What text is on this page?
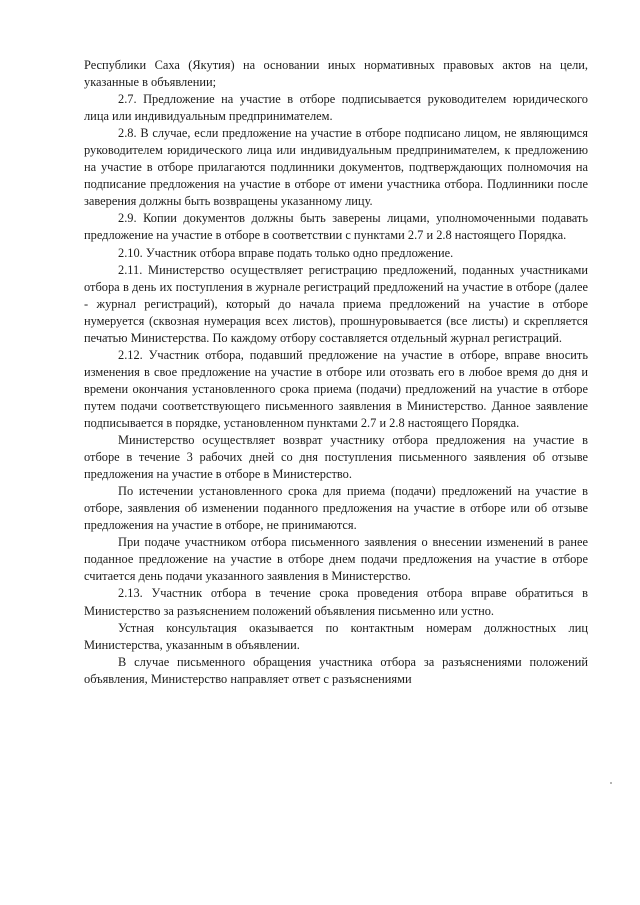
Республики Саха (Якутия) на основании иных нормативных правовых актов на цели, указанные в объявлении;

2.7. Предложение на участие в отборе подписывается руководителем юридического лица или индивидуальным предпринимателем.

2.8. В случае, если предложение на участие в отборе подписано лицом, не являющимся руководителем юридического лица или индивидуальным предпринимателем, к предложению на участие в отборе прилагаются подлинники документов, подтверждающих полномочия на подписание предложения на участие в отборе от имени участника отбора. Подлинники после заверения должны быть возвращены указанному лицу.

2.9. Копии документов должны быть заверены лицами, уполномоченными подавать предложение на участие в отборе в соответствии с пунктами 2.7 и 2.8 настоящего Порядка.

2.10. Участник отбора вправе подать только одно предложение.

2.11. Министерство осуществляет регистрацию предложений, поданных участниками отбора в день их поступления в журнале регистраций предложений на участие в отборе (далее - журнал регистраций), который до начала приема предложений на участие в отборе нумеруется (сквозная нумерация всех листов), прошнуровывается (все листы) и скрепляется печатью Министерства. По каждому отбору составляется отдельный журнал регистраций.

2.12. Участник отбора, подавший предложение на участие в отборе, вправе вносить изменения в свое предложение на участие в отборе или отозвать его в любое время до дня и времени окончания установленного срока приема (подачи) предложений на участие в отборе путем подачи соответствующего письменного заявления в Министерство. Данное заявление подписывается в порядке, установленном пунктами 2.7 и 2.8 настоящего Порядка.

Министерство осуществляет возврат участнику отбора предложения на участие в отборе в течение 3 рабочих дней со дня поступления письменного заявления об отзыве предложения на участие в отборе в Министерство.

По истечении установленного срока для приема (подачи) предложений на участие в отборе, заявления об изменении поданного предложения на участие в отборе или об отзыве предложения на участие в отборе, не принимаются.

При подаче участником отбора письменного заявления о внесении изменений в ранее поданное предложение на участие в отборе днем подачи предложения на участие в отборе считается день подачи указанного заявления в Министерство.

2.13. Участник отбора в течение срока проведения отбора вправе обратиться в Министерство за разъяснением положений объявления письменно или устно.

Устная консультация оказывается по контактным номерам должностных лиц Министерства, указанным в объявлении.

В случае письменного обращения участника отбора за разъяснениями положений объявления, Министерство направляет ответ с разъяснениями
